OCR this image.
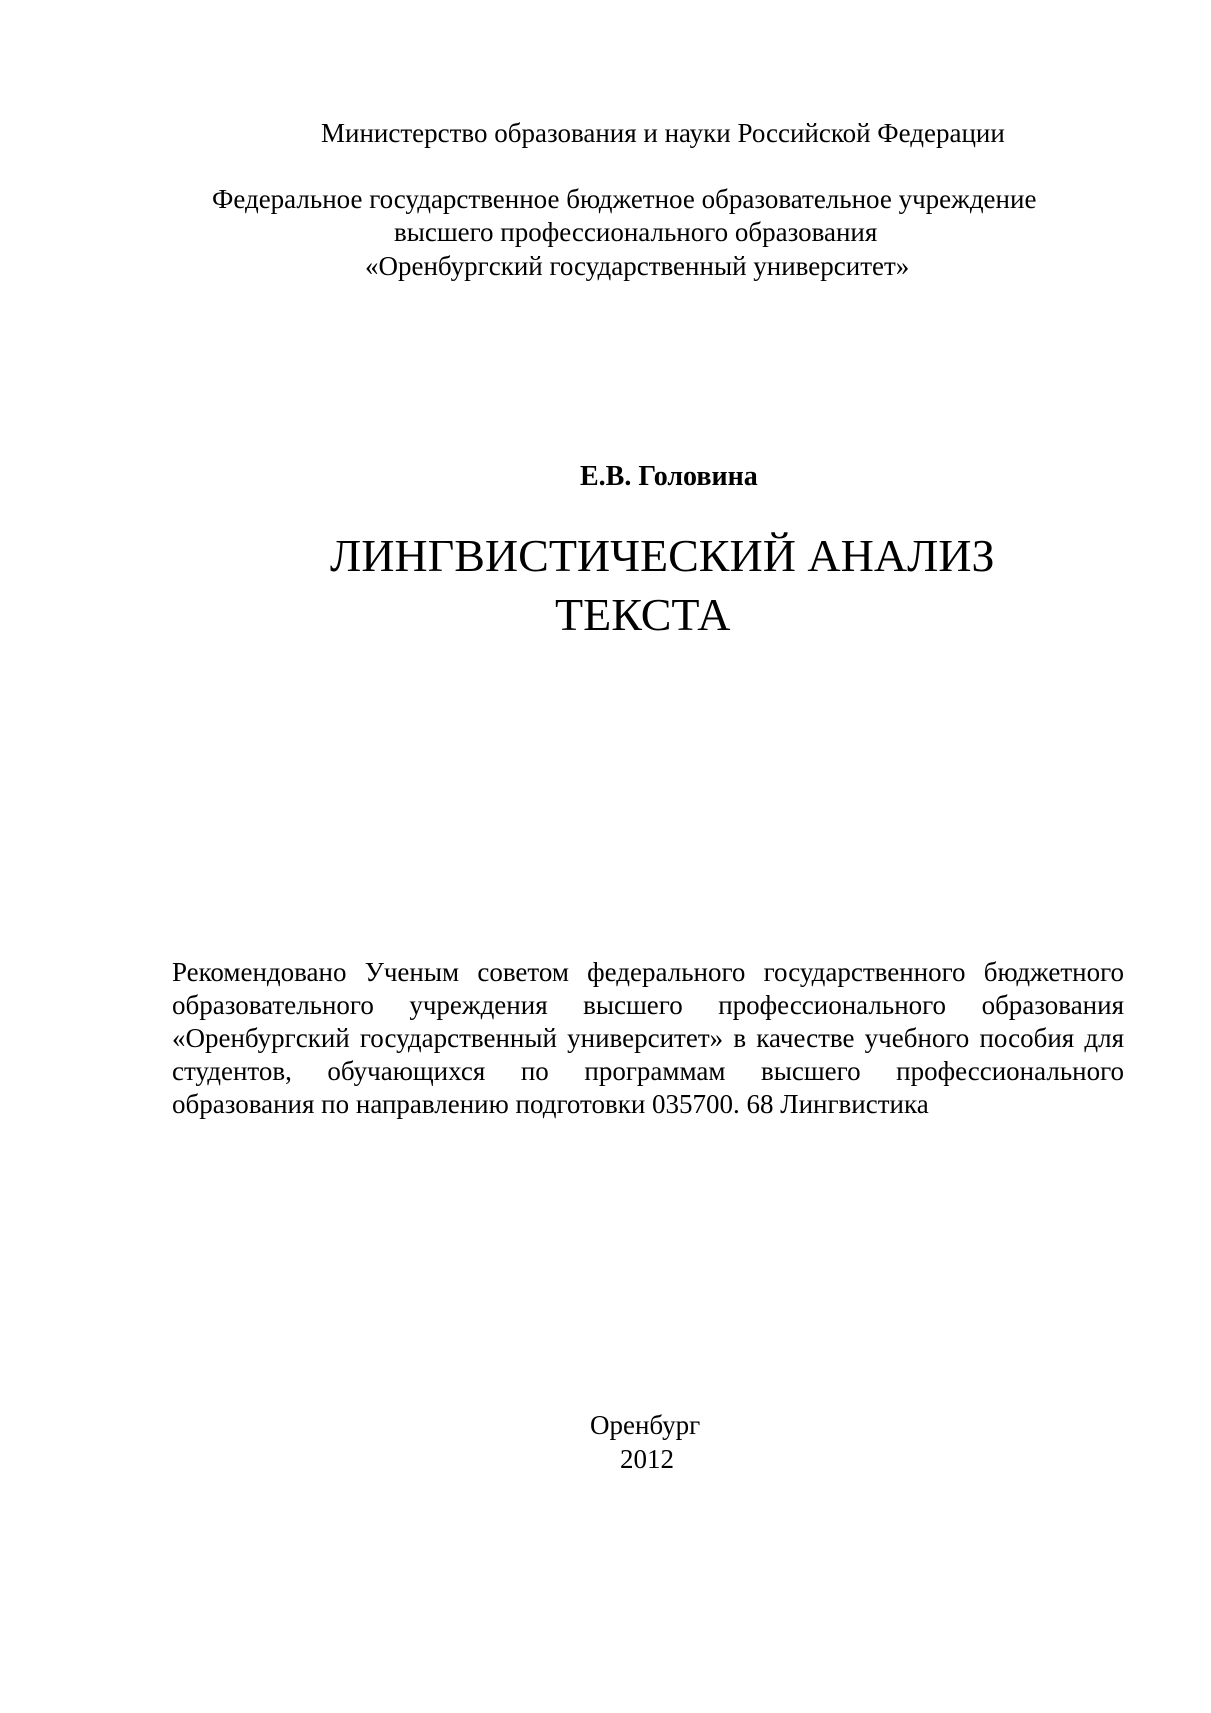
Министерство образования и науки Российской Федерации
Федеральное государственное бюджетное образовательное учреждение
высшего профессионального образования
«Оренбургский государственный университет»
Е.В. Головина
ЛИНГВИСТИЧЕСКИЙ АНАЛИЗ
ТЕКСТА
Рекомендовано Ученым советом федерального государственного бюджетного образовательного учреждения высшего профессионального образования «Оренбургский государственный университет» в качестве учебного пособия для студентов, обучающихся по программам высшего профессионального образования по направлению подготовки 035700. 68 Лингвистика
Оренбург
2012
